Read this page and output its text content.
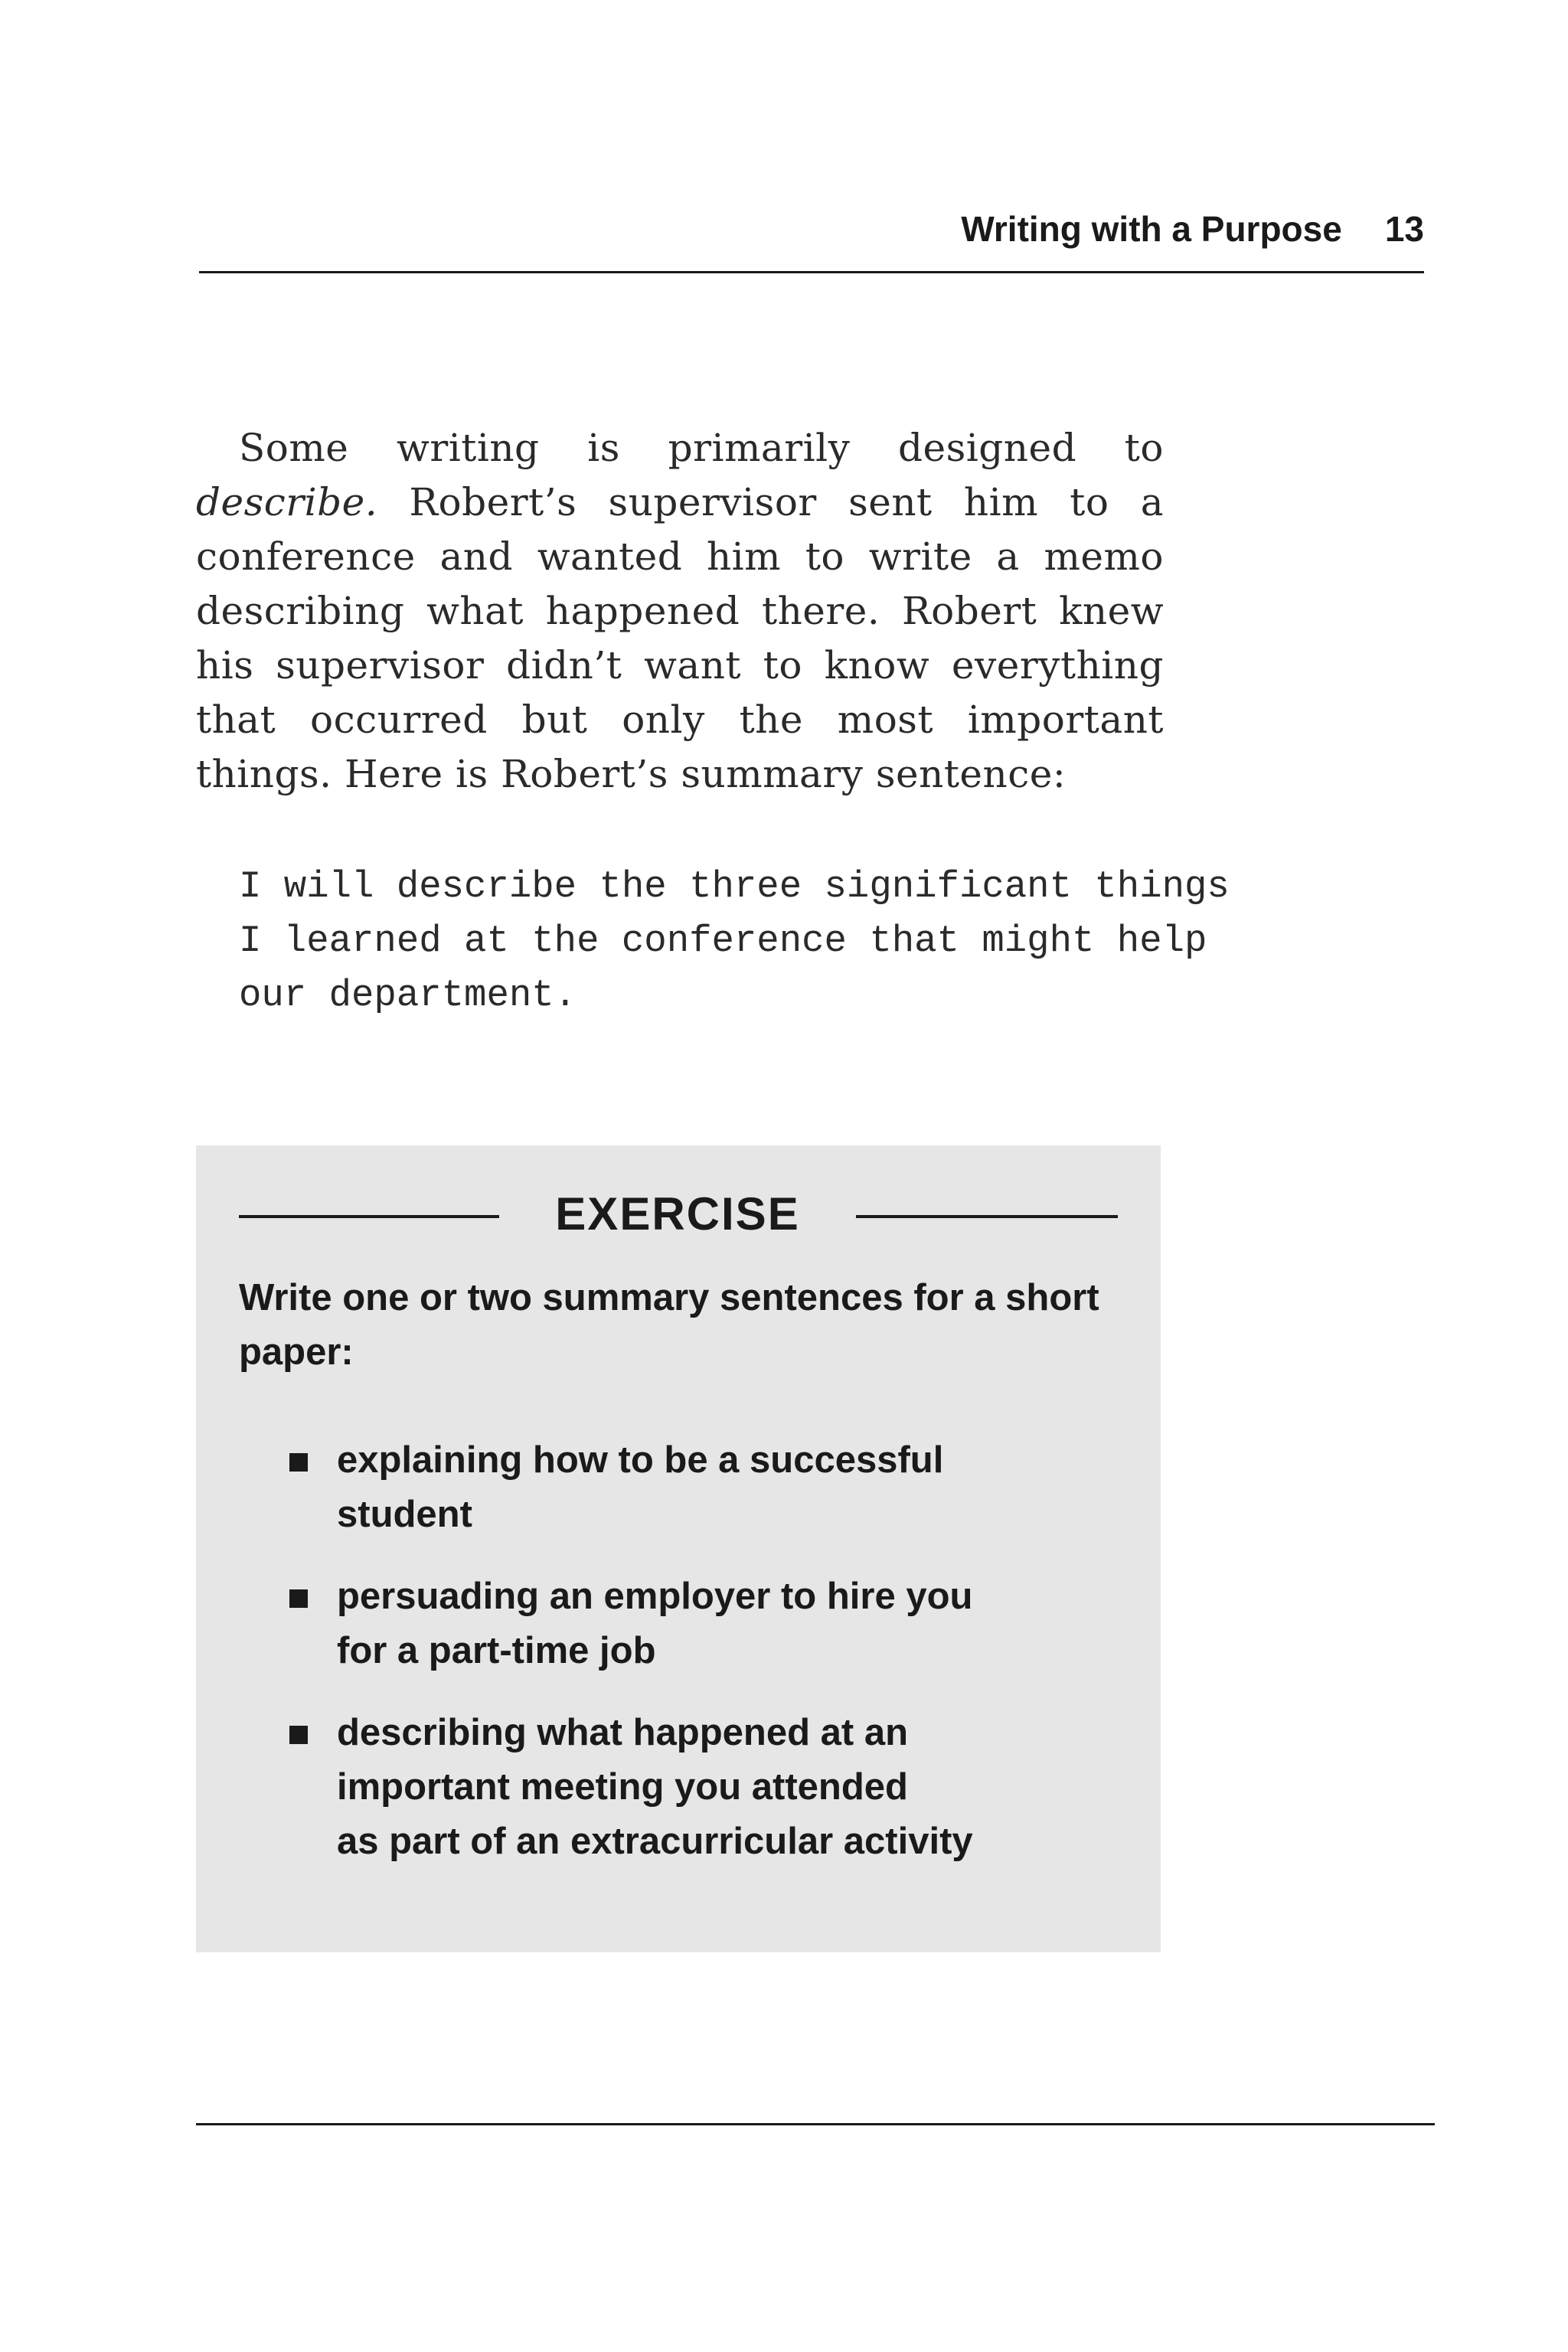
Writing with a Purpose 13

Some writing is primarily designed to describe. Robert’s supervisor sent him to a conference and wanted him to write a memo describing what happened there. Robert knew his supervisor didn’t want to know everything that occurred but only the most important things. Here is Robert’s summary sentence:

I will describe the three significant things
I learned at the conference that might help
our department.
EXERCISE
Write one or two summary sentences for a short paper:
explaining how to be a successful
student
persuading an employer to hire you
for a part-time job
describing what happened at an
important meeting you attended
as part of an extracurricular activity
